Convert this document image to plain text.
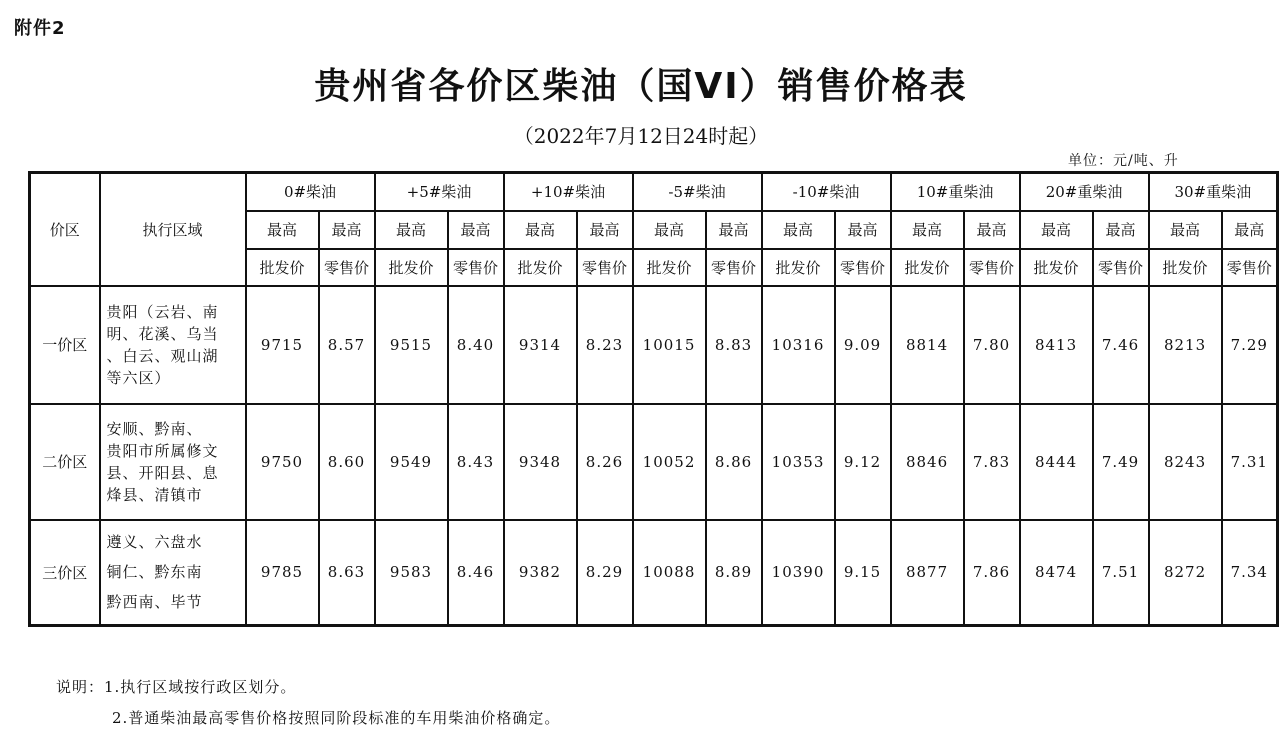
附件2
贵州省各价区柴油（国VI）销售价格表
（2022年7月12日24时起）
单位：元/吨、升
价区	执行区域	0#柴油		+5#柴油		+10#柴油		-5#柴油		-10#柴油		10#重柴油		20#重柴油		30#重柴油	
		最高	最高	最高	最高	最高	最高	最高	最高	最高	最高	最高	最高	最高	最高	最高	最高
		批发价	零售价	批发价	零售价	批发价	零售价	批发价	零售价	批发价	零售价	批发价	零售价	批发价	零售价	批发价	零售价
一价区	贵阳（云岩、南
明、花溪、乌当
、白云、观山湖
等六区）	9715	8.57	9515	8.40	9314	8.23	10015	8.83	10316	9.09	8814	7.80	8413	7.46	8213	7.29
二价区	安顺、黔南、
贵阳市所属修文
县、开阳县、息
烽县、清镇市	9750	8.60	9549	8.43	9348	8.26	10052	8.86	10353	9.12	8846	7.83	8444	7.49	8243	7.31
三价区	遵义、六盘水
铜仁、黔东南
黔西南、毕节	9785	8.63	9583	8.46	9382	8.29	10088	8.89	10390	9.15	8877	7.86	8474	7.51	8272	7.34
说明：1.执行区域按行政区划分。
2.普通柴油最高零售价格按照同阶段标准的车用柴油价格确定。
